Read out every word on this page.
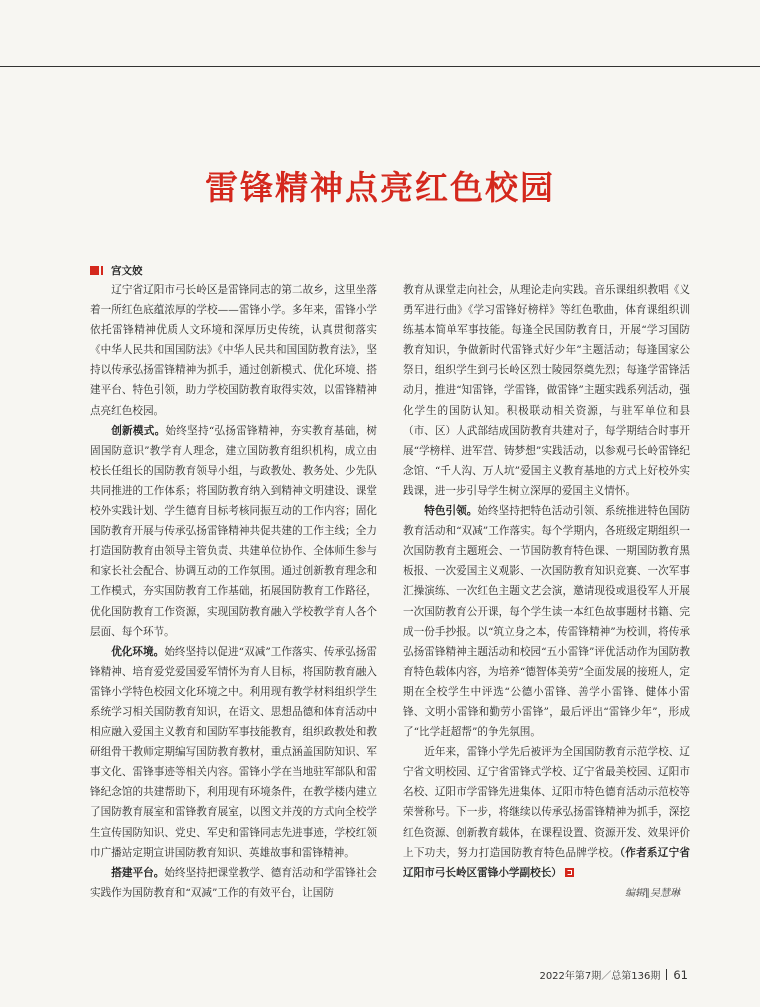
雷锋精神点亮红色校园
宫文姣

辽宁省辽阳市弓长岭区是雷锋同志的第二故乡，这里坐落着一所红色底蕴浓厚的学校——雷锋小学。多年来，雷锋小学依托雷锋精神优质人文环境和深厚历史传统，认真贯彻落实《中华人民共和国国防法》《中华人民共和国国防教育法》，坚持以传承弘扬雷锋精神为抓手，通过创新模式、优化环境、搭建平台、特色引领，助力学校国防教育取得实效，以雷锋精神点亮红色校园。

创新模式。始终坚持“弘扬雷锋精神，夯实教育基础，树固国防意识”教学育人理念，建立国防教育组织机构，成立由校长任组长的国防教育领导小组，与政教处、教务处、少先队共同推进的工作体系；将国防教育纳入到精神文明建设、课堂校外实践计划、学生德育目标考核同振互动的工作内容；固化国防教育开展与传承弘扬雷锋精神共促共建的工作主线；全力打造国防教育由领导主管负责、共建单位协作、全体师生参与和家长社会配合、协调互动的工作氛围。通过创新教育理念和工作模式，夯实国防教育工作基础，拓展国防教育工作路径，优化国防教育工作资源，实现国防教育融入学校教学育人各个层面、每个环节。

优化环境。始终坚持以促进“双减”工作落实、传承弘扬雷锋精神、培育爱党爱国爱军情怀为育人目标，将国防教育融入雷锋小学特色校园文化环境之中。利用现有教学材料组织学生系统学习相关国防教育知识，在语文、思想品德和体育活动中相应融入爱国主义教育和国防军事技能教育，组织政教处和教研组骨干教师定期编写国防教育教材，重点涵盖国防知识、军事文化、雷锋事迹等相关内容。雷锋小学在当地驻军部队和雷锋纪念馆的共建帮助下，利用现有环境条件，在教学楼内建立了国防教育展室和雷锋教育展室，以图文并茂的方式向全校学生宣传国防知识、党史、军史和雷锋同志先进事迹，学校红领巾广播站定期宣讲国防教育知识、英雄故事和雷锋精神。

搭建平台。始终坚持把课堂教学、德育活动和学雷锋社会实践作为国防教育和“双减”工作的有效平台，让国防

教育从课堂走向社会，从理论走向实践。音乐课组织教唱《义勇军进行曲》《学习雷锋好榜样》等红色歌曲，体育课组织训练基本简单军事技能。每逢全民国防教育日，开展“学习国防教育知识，争做新时代雷锋式好少年”主题活动；每逢国家公祭日，组织学生到弓长岭区烈士陵园祭奠先烈；每逢学雷锋活动月，推进“知雷锋，学雷锋，做雷锋”主题实践系列活动，强化学生的国防认知。积极联动相关资源，与驻军单位和县（市、区）人武部结成国防教育共建对子，每学期结合时事开展“学榜样、进军营、铸梦想”实践活动，以参观弓长岭雷锋纪念馆、“千人沟、万人坑”爱国主义教育基地的方式上好校外实践课，进一步引导学生树立深厚的爱国主义情怀。

特色引领。始终坚持把特色活动引领、系统推进特色国防教育活动和“双减”工作落实。每个学期内，各班级定期组织一次国防教育主题班会、一节国防教育特色课、一期国防教育黑板报、一次爱国主义观影、一次国防教育知识竞赛、一次军事汇操演练、一次红色主题文艺会演，邀请现役或退役军人开展一次国防教育公开课，每个学生读一本红色故事题材书籍、完成一份手抄报。以“筑立身之本，传雷锋精神”为校训，将传承弘扬雷锋精神主题活动和校园“五小雷锋”评优活动作为国防教育特色载体内容，为培养“德智体美劳”全面发展的接班人，定期在全校学生中评选“公德小雷锋、善学小雷锋、健体小雷锋、文明小雷锋和勤劳小雷锋”，最后评出“雷锋少年”，形成了“比学赶超帮”的争先氛围。

近年来，雷锋小学先后被评为全国国防教育示范学校、辽宁省文明校园、辽宁省雷锋式学校、辽宁省最美校园、辽阳市名校、辽阳市学雷锋先进集体、辽阳市特色德育活动示范校等荣誉称号。下一步，将继续以传承弘扬雷锋精神为抓手，深挖红色资源、创新教育载体，在课程设置、资源开发、效果评价上下功夫，努力打造国防教育特色品牌学校。（作者系辽宁省辽阳市弓长岭区雷锋小学副校长）

编辑∥吴慧琳
2022年第7期／总第136期 61
